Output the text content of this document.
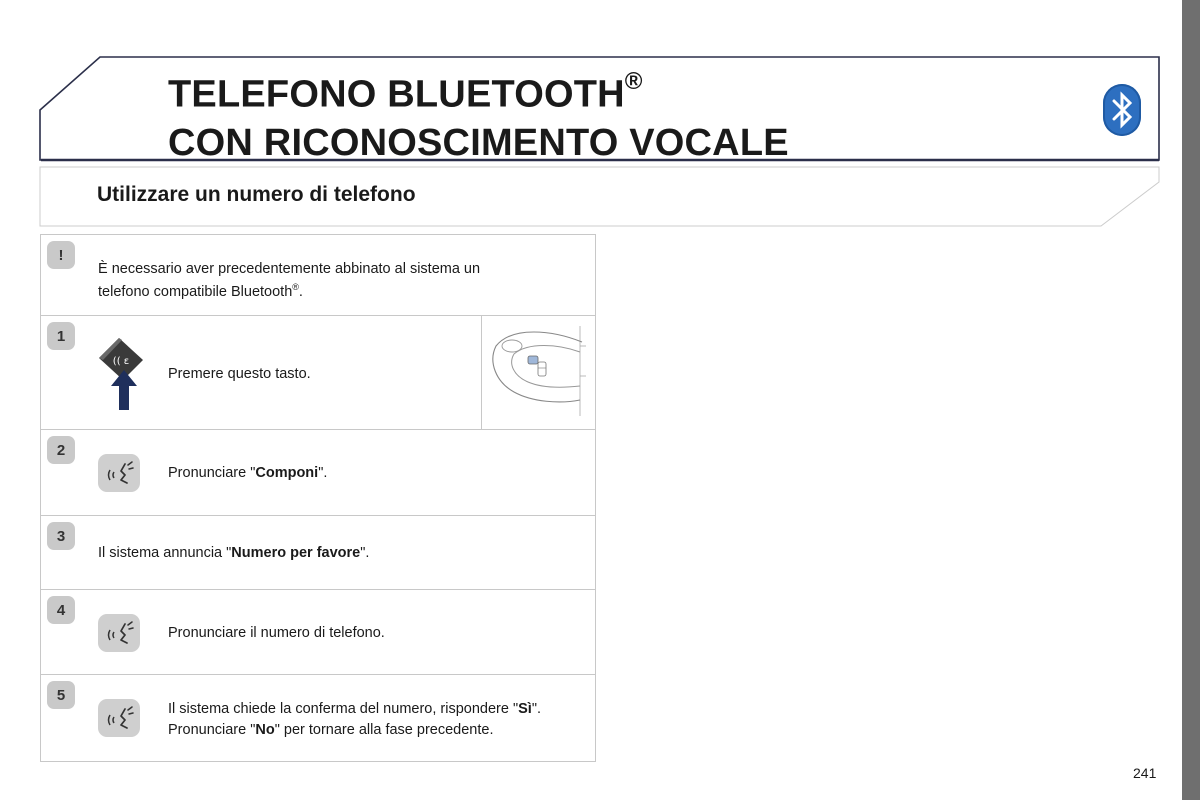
TELEFONO BLUETOOTH®
CON RICONOSCIMENTO VOCALE
Utilizzare un numero di telefono
!
È necessario aver precedentemente abbinato al sistema un
telefono compatibile Bluetooth®.
1
(( ε
Premere questo tasto.
2
Pronunciare "Componi".
3
Il sistema annuncia "Numero per favore".
4
Pronunciare il numero di telefono.
5
Il sistema chiede la conferma del numero, rispondere "Sì".
Pronunciare "No" per tornare alla fase precedente.
241
